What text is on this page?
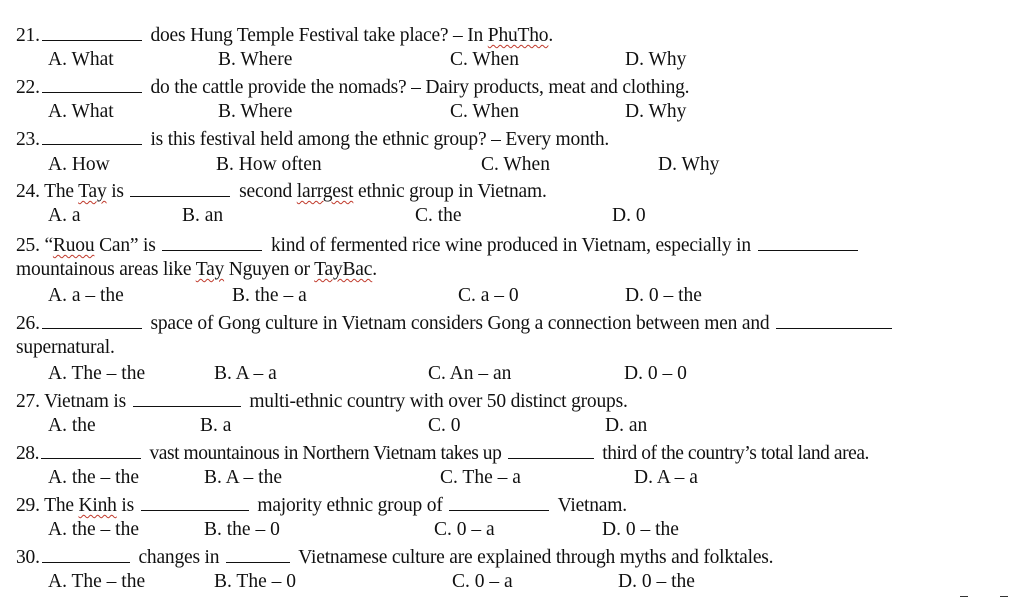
21.	does Hung Temple Festival take place? – In PhuTho.
A. What	B. Where	C. When	D. Why
22.	do the cattle provide the nomads? – Dairy products, meat and clothing.
A. What	B. Where	C. When	D. Why
23.	is this festival held among the ethnic group? – Every month.
A. How	B. How often	C. When	D. Why
24. The Tay is	second larrgest ethnic group in Vietnam.
A. a	B. an	C. the	D. 0
25. “Ruou Can” is	kind of fermented rice wine produced in Vietnam, especially in
mountainous areas like Tay Nguyen or TayBac.
A. a – the	B. the – a	C. a – 0	D. 0 – the
26.	space of Gong culture in Vietnam considers Gong a connection between men and
supernatural.
A. The – the	B. A – a	C. An – an	D. 0 – 0
27. Vietnam is	multi-ethnic country with over 50 distinct groups.
A. the	B. a	C. 0	D. an
28.	vast mountainous in Northern Vietnam takes up	third of the country’s total land area.
A. the – the	B. A – the	C. The – a	D. A – a
29. The Kinh is	majority ethnic group of	Vietnam.
A. the – the	B. the – 0	C. 0 – a	D. 0 – the
30.	changes in	Vietnamese culture are explained through myths and folktales.
A. The – the	B. The – 0	C. 0 – a	D. 0 – the
